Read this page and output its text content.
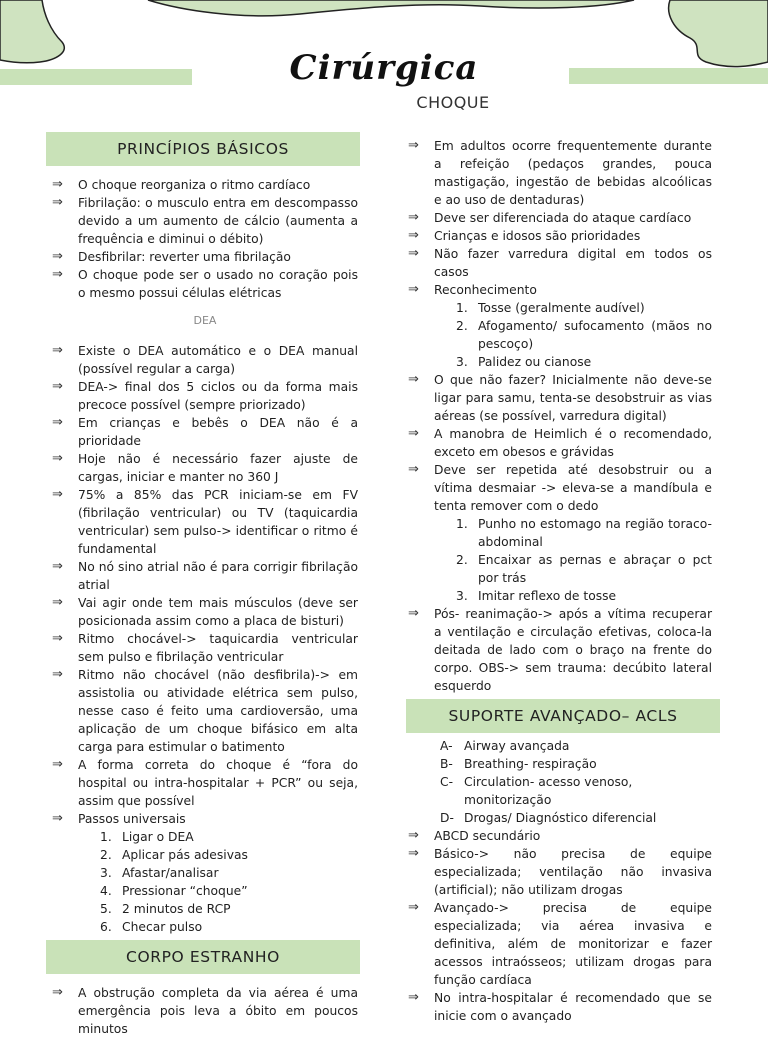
Cirúrgica
CHOQUE
PRINCÍPIOS BÁSICOS
⇒ O choque reorganiza o ritmo cardíaco
⇒ Fibrilação: o musculo entra em descompasso devido a um aumento de cálcio (aumenta a frequência e diminui o débito)
⇒ Desfibrilar: reverter uma fibrilação
⇒ O choque pode ser o usado no coração pois o mesmo possui células elétricas
DEA
⇒ Existe o DEA automático e o DEA manual (possível regular a carga)
⇒ DEA-> final dos 5 ciclos ou da forma mais precoce possível (sempre priorizado)
⇒ Em crianças e bebês o DEA não é a prioridade
⇒ Hoje não é necessário fazer ajuste de cargas, iniciar e manter no 360 J
⇒ 75% a 85% das PCR iniciam-se em FV (fibrilação ventricular) ou TV (taquicardia ventricular) sem pulso-> identificar o ritmo é fundamental
⇒ No nó sino atrial não é para corrigir fibrilação atrial
⇒ Vai agir onde tem mais músculos (deve ser posicionada assim como a placa de bisturi)
⇒ Ritmo chocável-> taquicardia ventricular sem pulso e fibrilação ventricular
⇒ Ritmo não chocável (não desfibrila)-> em assistolia ou atividade elétrica sem pulso, nesse caso é feito uma cardioversão, uma aplicação de um choque bifásico em alta carga para estimular o batimento
⇒ A forma correta do choque é “fora do hospital ou intra-hospitalar + PCR” ou seja, assim que possível
⇒ Passos universais
1. Ligar o DEA
2. Aplicar pás adesivas
3. Afastar/analisar
4. Pressionar “choque”
5. 2 minutos de RCP
6. Checar pulso
CORPO ESTRANHO
⇒ A obstrução completa da via aérea é uma emergência pois leva a óbito em poucos minutos
⇒ Em adultos ocorre frequentemente durante a refeição (pedaços grandes, pouca mastigação, ingestão de bebidas alcoólicas e ao uso de dentaduras)
⇒ Deve ser diferenciada do ataque cardíaco
⇒ Crianças e idosos são prioridades
⇒ Não fazer varredura digital em todos os casos
⇒ Reconhecimento
1. Tosse (geralmente audível)
2. Afogamento/ sufocamento (mãos no pescoço)
3. Palidez ou cianose
⇒ O que não fazer? Inicialmente não deve-se ligar para samu, tenta-se desobstruir as vias aéreas (se possível, varredura digital)
⇒ A manobra de Heimlich é o recomendado, exceto em obesos e grávidas
⇒ Deve ser repetida até desobstruir ou a vítima desmaiar -> eleva-se a mandíbula e tenta remover com o dedo
1. Punho no estomago na região toraco-abdominal
2. Encaixar as pernas e abraçar o pct por trás
3. Imitar reflexo de tosse
⇒ Pós- reanimação-> após a vítima recuperar a ventilação e circulação efetivas, coloca-la deitada de lado com o braço na frente do corpo. OBS-> sem trauma: decúbito lateral esquerdo
SUPORTE AVANÇADO– ACLS
A- Airway avançada
B- Breathing- respiração
C- Circulation- acesso venoso, monitorização
D- Drogas/ Diagnóstico diferencial
⇒ ABCD secundário
⇒ Básico-> não precisa de equipe especializada; ventilação não invasiva (artificial); não utilizam drogas
⇒ Avançado-> precisa de equipe especializada; via aérea invasiva e definitiva, além de monitorizar e fazer acessos intraósseos; utilizam drogas para função cardíaca
⇒ No intra-hospitalar é recomendado que se inicie com o avançado
